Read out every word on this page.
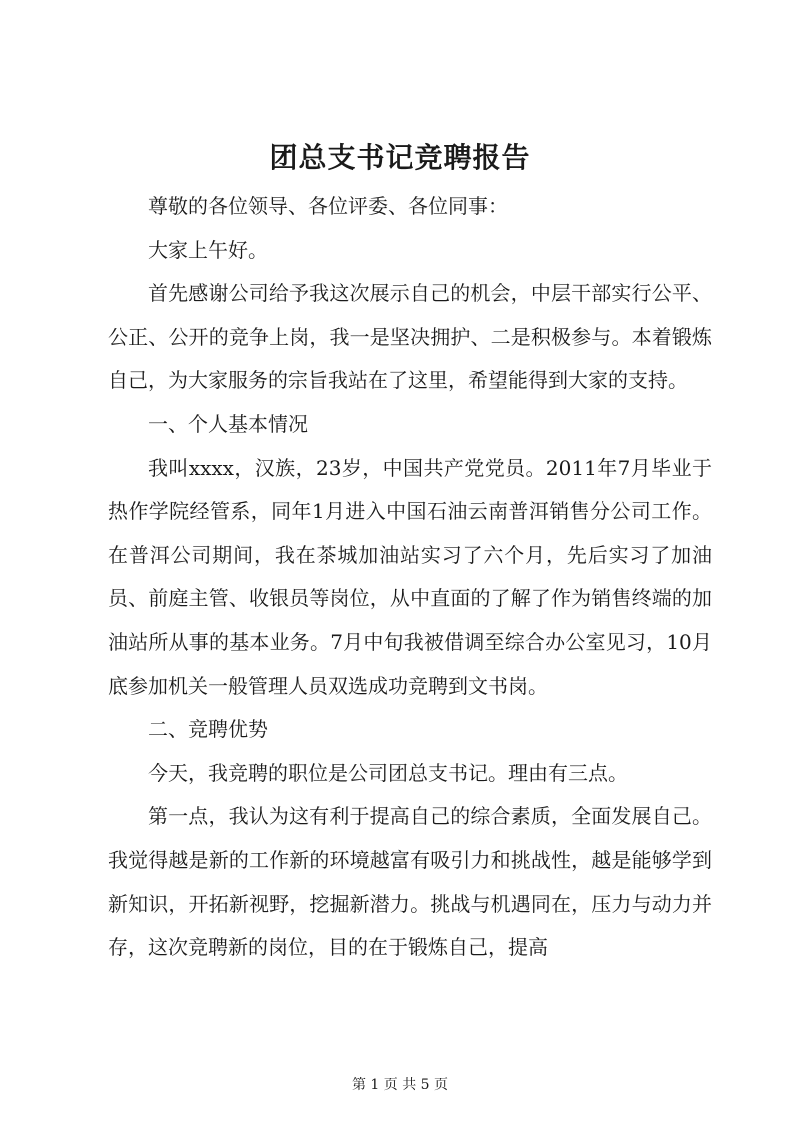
团总支书记竞聘报告

尊敬的各位领导、各位评委、各位同事：

大家上午好。

首先感谢公司给予我这次展示自己的机会，中层干部实行公平、公正、公开的竞争上岗，我一是坚决拥护、二是积极参与。本着锻炼自己，为大家服务的宗旨我站在了这里，希望能得到大家的支持。

一、个人基本情况

我叫xxxx，汉族，23岁，中国共产党党员。2011年7月毕业于热作学院经管系，同年1月进入中国石油云南普洱销售分公司工作。在普洱公司期间，我在茶城加油站实习了六个月，先后实习了加油员、前庭主管、收银员等岗位，从中直面的了解了作为销售终端的加油站所从事的基本业务。7月中旬我被借调至综合办公室见习，10月底参加机关一般管理人员双选成功竞聘到文书岗。

二、竞聘优势

今天，我竞聘的职位是公司团总支书记。理由有三点。

第一点，我认为这有利于提高自己的综合素质，全面发展自己。我觉得越是新的工作新的环境越富有吸引力和挑战性，越是能够学到新知识，开拓新视野，挖掘新潜力。挑战与机遇同在，压力与动力并存，这次竞聘新的岗位，目的在于锻炼自己，提高

第 1 页 共 5 页
